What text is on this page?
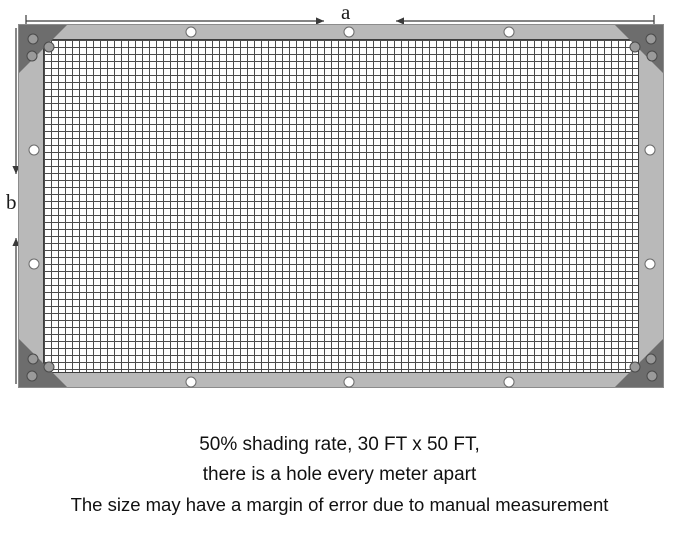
a
b
50% shading rate, 30 FT x 50 FT,
there is a hole every meter apart
The size may have a margin of error due to manual measurement
